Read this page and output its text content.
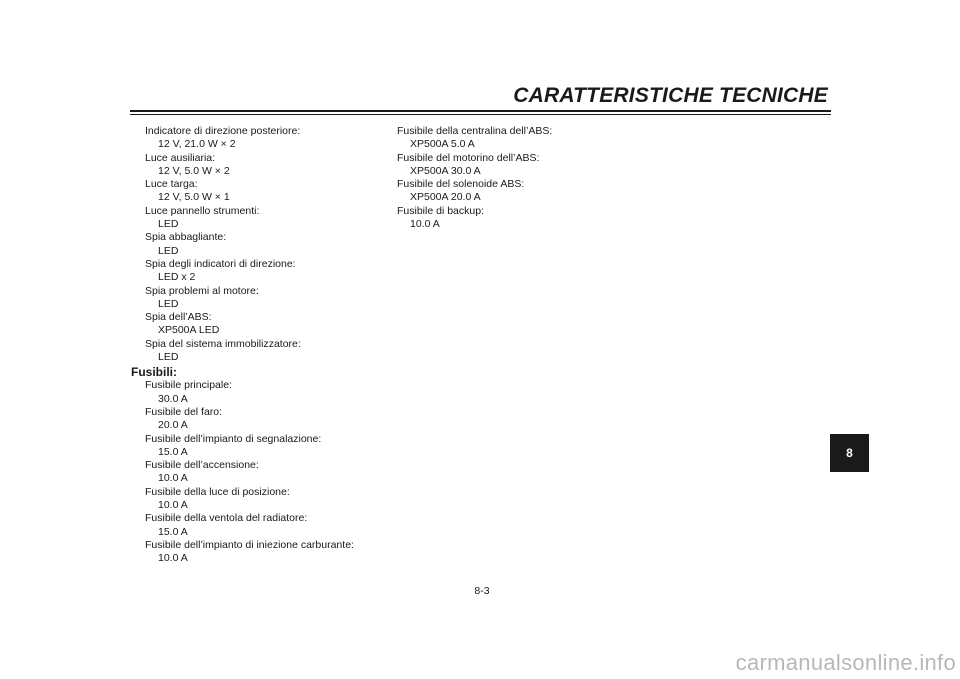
CARATTERISTICHE TECNICHE
Indicatore di direzione posteriore:
12 V, 21.0 W × 2
Luce ausiliaria:
12 V, 5.0 W × 2
Luce targa:
12 V, 5.0 W × 1
Luce pannello strumenti:
LED
Spia abbagliante:
LED
Spia degli indicatori di direzione:
LED x 2
Spia problemi al motore:
LED
Spia dell’ABS:
XP500A LED
Spia del sistema immobilizzatore:
LED
Fusibili:
Fusibile principale:
30.0 A
Fusibile del faro:
20.0 A
Fusibile dell’impianto di segnalazione:
15.0 A
Fusibile dell’accensione:
10.0 A
Fusibile della luce di posizione:
10.0 A
Fusibile della ventola del radiatore:
15.0 A
Fusibile dell’impianto di iniezione carburante:
10.0 A
Fusibile della centralina dell’ABS:
XP500A 5.0 A
Fusibile del motorino dell’ABS:
XP500A 30.0 A
Fusibile del solenoide ABS:
XP500A 20.0 A
Fusibile di backup:
10.0 A
8
8-3
carmanualsonline.info
